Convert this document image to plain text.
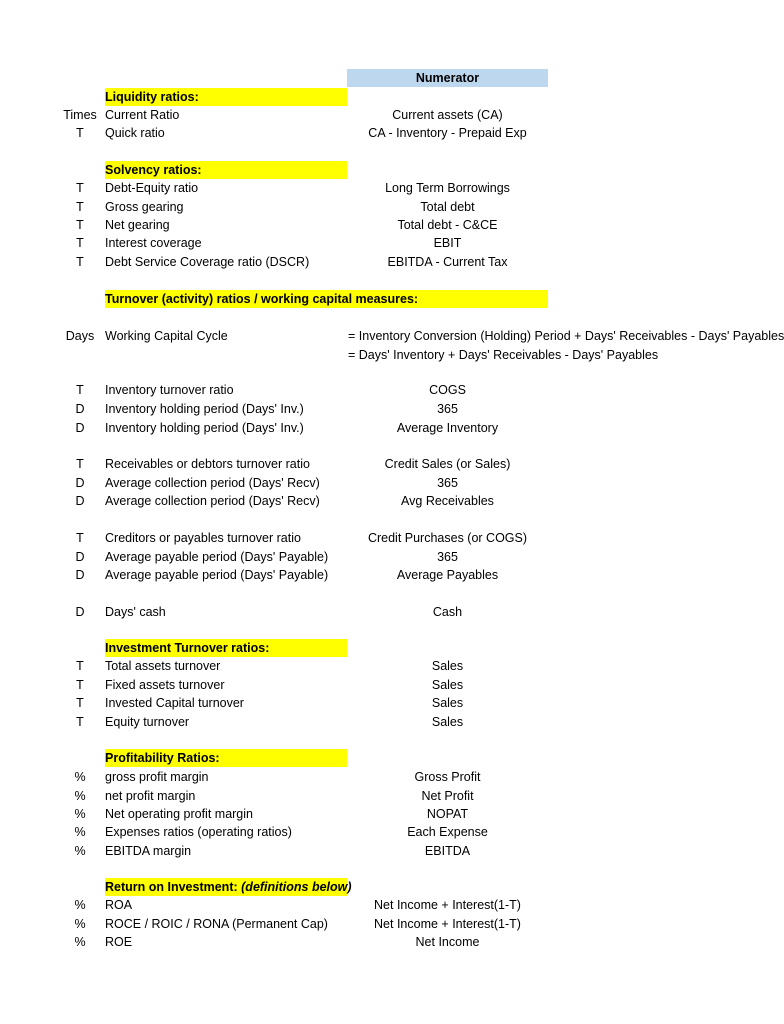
Numerator
Liquidity ratios:
Solvency ratios:
Turnover (activity) ratios / working capital measures:
Investment Turnover ratios:
Profitability Ratios:
Return on Investment: (definitions below)
Times Current Ratio	Current assets (CA)
T	Quick ratio	CA - Inventory - Prepaid Exp
T	Debt-Equity ratio	Long Term Borrowings
T	Gross gearing	Total debt
T	Net gearing	Total debt - C&CE
T	Interest coverage	EBIT
T	Debt Service Coverage ratio (DSCR)	EBITDA - Current Tax
Days Working Capital Cycle	= Inventory Conversion (Holding) Period + Days' Receivables - Days' Payables
= Days' Inventory + Days' Receivables - Days' Payables
T	Inventory turnover ratio	COGS
D	Inventory holding period (Days' Inv.)	365
D	Inventory holding period (Days' Inv.)	Average Inventory
T	Receivables or debtors turnover ratio	Credit Sales (or Sales)
D	Average collection period (Days' Recv)	365
D	Average collection period (Days' Recv)	Avg Receivables
T	Creditors or payables turnover ratio	Credit Purchases (or COGS)
D	Average payable period (Days' Payable)	365
D	Average payable period (Days' Payable)	Average Payables
D	Days' cash	Cash
T	Total assets turnover	Sales
T	Fixed assets turnover	Sales
T	Invested Capital turnover	Sales
T	Equity turnover	Sales
%	gross profit margin	Gross Profit
%	net profit margin	Net Profit
%	Net operating profit margin	NOPAT
%	Expenses ratios (operating ratios)	Each Expense
%	EBITDA margin	EBITDA
%	ROA	Net Income + Interest(1-T)
%	ROCE / ROIC / RONA (Permanent Cap)	Net Income + Interest(1-T)
%	ROE	Net Income
